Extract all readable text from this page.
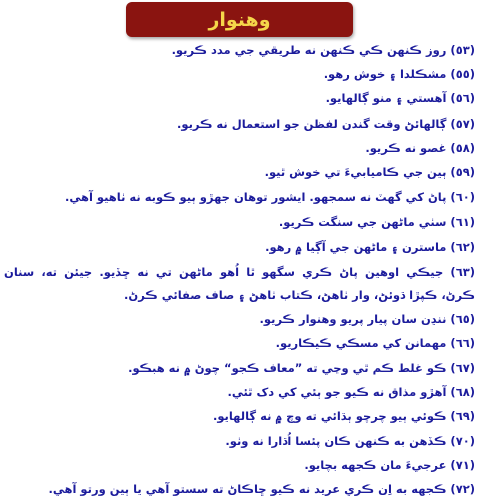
وهنوار
(٥٣) روز ڪنهن ڪي ڪنهن نه طريقي جي مدد ڪريو.
(٥٥) مشڪلدا ۽ خوش رهو.
(٥٦) آهستي ۽ منو ڳالهايو.
(٥٧) ڳالهائڻ وقت گندن لفظن جو استعمال نه ڪريو.
(٥٨) غصو نه ڪريو.
(٥٩) ٻين جي ڪاميابيءَ تي خوش ٿيو.
(٦٠) پاڻ کي گهٽ نه سمجهو. ايشور توهان جهڙو ٻيو ڪوبه نه ٺاهيو آهي.
(٦١) سٺي ماڻهن جي سنگت ڪريو.
(٦٢) ماسترن ۽ ماڻهن جي آڳيا ۾ رهو.
(٦٣) جيڪي اوهين پاڻ ڪري سگهو ٿا اُهو ماڻهن تي نه ڇڏيو. جيئن ته، سنان
ڪرڻ، ڪپڙا ڌوئڻ، وار ٺاهڻ، ڪتاب ٺاهڻ ۽ صاف صفائي ڪرڻ.
(٦٥) ننڍن سان پيار پريو وهنوار ڪريو.
(٦٦) مهمانن کي مسڪي ڪيڪاريو.
(٦٧) ڪو غلط ڪم ٿي وڃي ته ”معاف ڪجو“ چوڻ ۾ نه هبڪو.
(٦٨) آهڙو مذاق نه ڪيو جو ٻئي کي دک ٿئي.
(٦٩) ڪوئي ٻيو چرچو ٻڌائي ته وچ ۾ نه ڳالهايو.
(٧٠) ڪڏهن به ڪنهن ڪان پئسا اُڌارا نه وٺو.
(٧١) عرجيءَ مان ڪجهه بچايو.
(٧٢) ڪجهه به اِن ڪري عريد نه ڪيو ڇاڪاڻ ته سستو آهي يا ٻين ورتو آهي.
